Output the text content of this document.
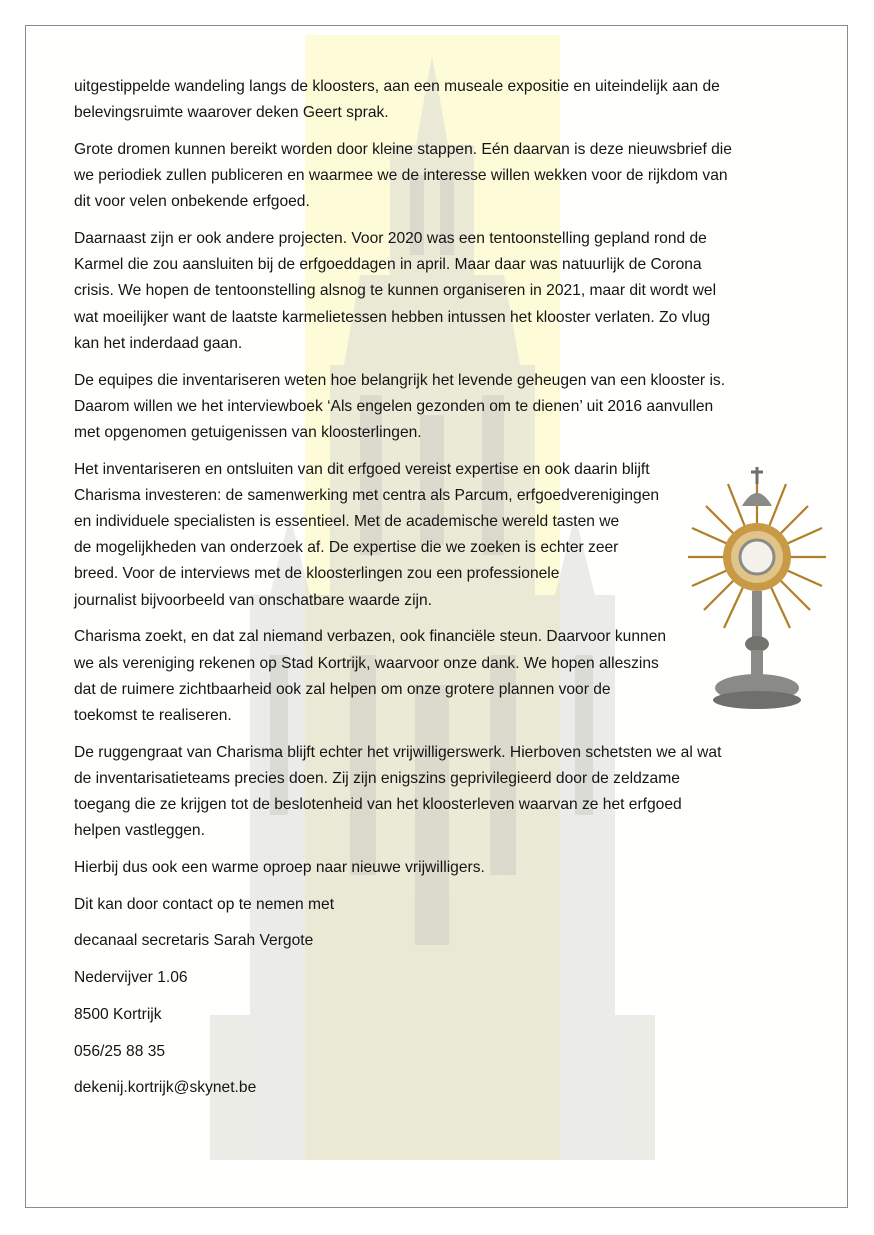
uitgestippelde wandeling langs de kloosters, aan een museale expositie en uiteindelijk aan de
belevingsruimte waarover deken Geert sprak.

Grote dromen kunnen bereikt worden door kleine stappen. Eén daarvan is deze nieuwsbrief die
we periodiek zullen publiceren en waarmee we de interesse willen wekken voor de rijkdom van
dit voor velen onbekende erfgoed.

Daarnaast zijn er ook andere projecten. Voor 2020 was een tentoonstelling gepland rond de
Karmel die zou aansluiten bij de erfgoeddagen in april. Maar daar was natuurlijk de Corona
crisis. We hopen de tentoonstelling alsnog te kunnen organiseren in 2021, maar dit wordt wel
wat moeilijker want de laatste karmelietessen hebben intussen het klooster verlaten. Zo vlug
kan het inderdaad gaan.

De equipes die inventariseren weten hoe belangrijk het levende geheugen van een klooster is.
Daarom willen we het interviewboek ‘Als engelen gezonden om te dienen’ uit 2016 aanvullen
met opgenomen getuigenissen van kloosterlingen.

Het inventariseren en ontsluiten van dit erfgoed vereist expertise en ook daarin blijft
Charisma investeren: de samenwerking met centra als Parcum, erfgoedverenigingen
en individuele specialisten is essentieel. Met de academische wereld tasten we
de mogelijkheden van onderzoek af. De expertise die we zoeken is echter zeer
breed. Voor de interviews met de kloosterlingen zou een professionele
journalist bijvoorbeeld van onschatbare waarde zijn.

Charisma zoekt, en dat zal niemand verbazen, ook financiële steun. Daarvoor kunnen
we als vereniging rekenen op Stad Kortrijk, waarvoor onze dank. We hopen alleszins
dat de ruimere zichtbaarheid ook zal helpen om onze grotere plannen voor de
toekomst te realiseren.

De ruggengraat van Charisma blijft echter het vrijwilligerswerk. Hierboven schetsten we al wat
de inventarisatieteams precies doen. Zij zijn enigszins geprivilegieerd door de zeldzame
toegang die ze krijgen tot de beslotenheid van het kloosterleven waarvan ze het erfgoed
helpen vastleggen.

Hierbij dus ook een warme oproep naar nieuwe vrijwilligers.

Dit kan door contact op te nemen met

decanaal secretaris Sarah Vergote

Nedervijver 1.06

8500 Kortrijk

056/25 88 35

dekenij.kortrijk@skynet.be
